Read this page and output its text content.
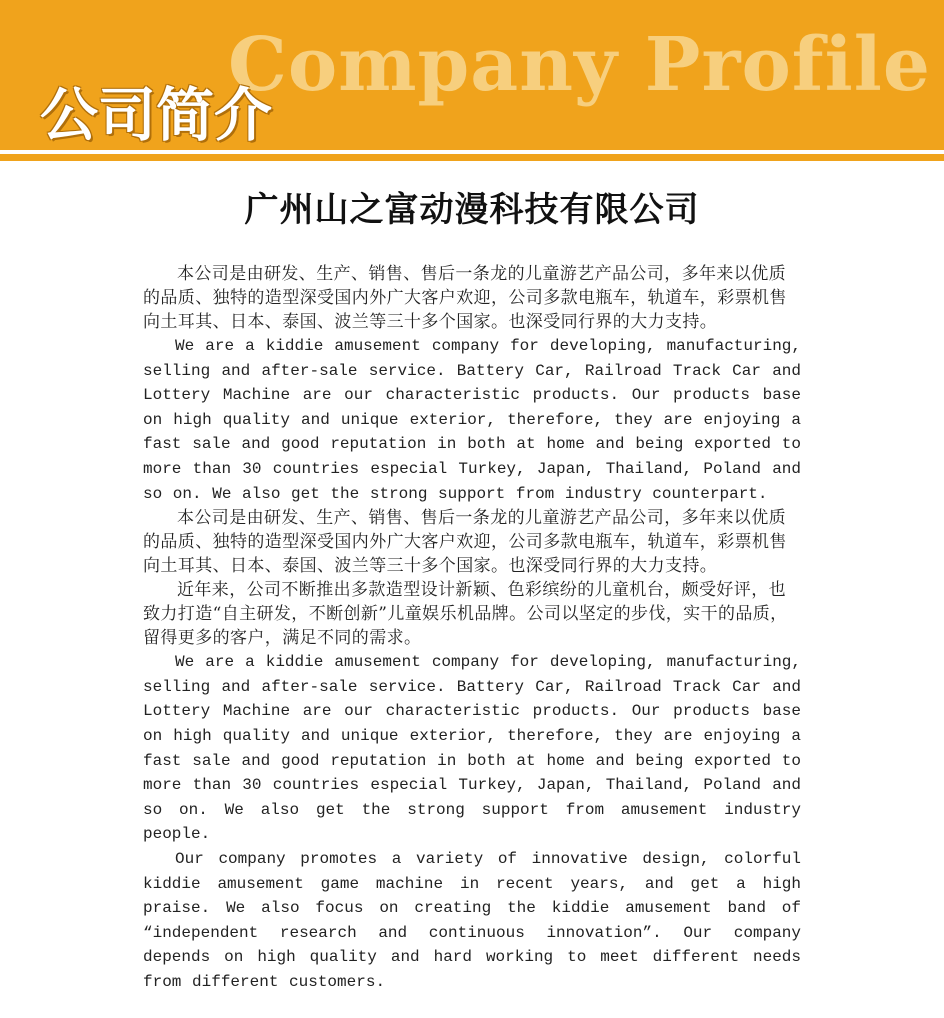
Company Profile
公司简介
广州山之富动漫科技有限公司

本公司是由研发、生产、销售、售后一条龙的儿童游艺产品公司，多年来以优质的品质、独特的造型深受国内外广大客户欢迎，公司多款电瓶车，轨道车，彩票机售向土耳其、日本、泰国、波兰等三十多个国家。也深受同行界的大力支持。

We are a kiddie amusement company for developing, manufacturing, selling and after-sale service. Battery Car, Railroad Track Car and Lottery Machine are our characteristic products. Our products base on high quality and unique exterior, therefore, they are enjoying a fast sale and good reputation in both at home and being exported to more than 30 countries especial Turkey, Japan, Thailand, Poland and so on. We also get the strong support from industry counterpart.

本公司是由研发、生产、销售、售后一条龙的儿童游艺产品公司，多年来以优质的品质、独特的造型深受国内外广大客户欢迎，公司多款电瓶车，轨道车，彩票机售向土耳其、日本、泰国、波兰等三十多个国家。也深受同行界的大力支持。

近年来，公司不断推出多款造型设计新颖、色彩缤纷的儿童机台，颇受好评，也致力打造“自主研发，不断创新”儿童娱乐机品牌。公司以坚定的步伐，实干的品质，留得更多的客户，满足不同的需求。

We are a kiddie amusement company for developing, manufacturing, selling and after-sale service. Battery Car, Railroad Track Car and Lottery Machine are our characteristic products. Our products base on high quality and unique exterior, therefore, they are enjoying a fast sale and good reputation in both at home and being exported to more than 30 countries especial Turkey, Japan, Thailand, Poland and so on. We also get the strong support from amusement industry people.

Our company promotes a variety of innovative design, colorful kiddie amusement game machine in recent years, and get a high praise. We also focus on creating the kiddie amusement band of “independent research and continuous innovation”. Our company depends on high quality and hard working to meet different needs from different customers.
